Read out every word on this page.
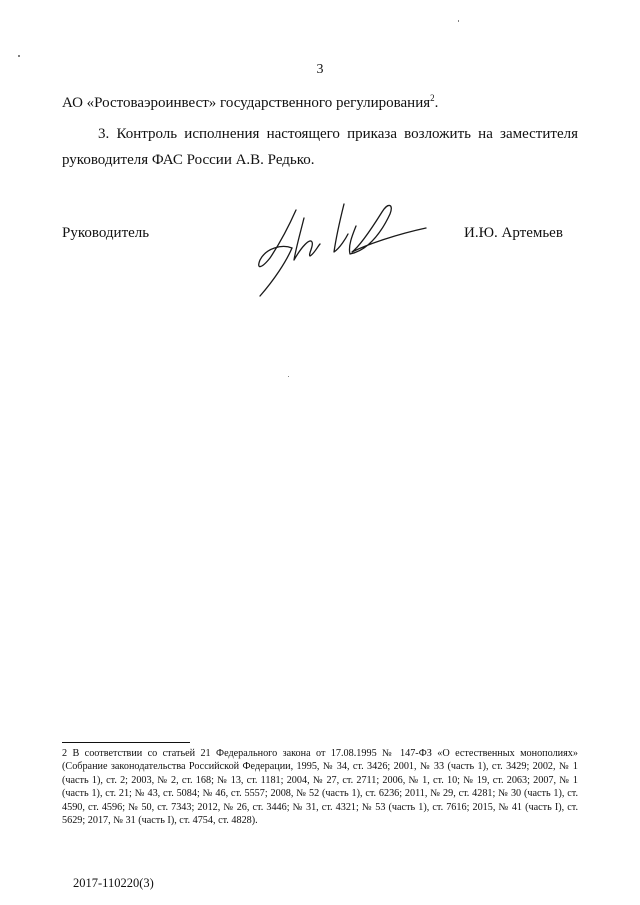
3
АО «Ростоваэроинвест» государственного регулирования$^2$.
3. Контроль исполнения настоящего приказа возложить на заместителя
руководителя ФАС России А.В. Редько.
Руководитель	И.Ю. Артемьев
2 В соответствии со статьей 21 Федерального закона от 17.08.1995 № 147-ФЗ «О естественных монополиях» (Собрание законодательства Российской Федерации, 1995, № 34, ст. 3426; 2001, № 33 (часть 1), ст. 3429; 2002, № 1 (часть 1), ст. 2; 2003, № 2, ст. 168; № 13, ст. 1181; 2004, № 27, ст. 2711; 2006, № 1, ст. 10; № 19, ст. 2063; 2007, № 1 (часть 1), ст. 21; № 43, ст. 5084; № 46, ст. 5557; 2008, № 52 (часть 1), ст. 6236; 2011, № 29, ст. 4281; № 30 (часть 1), ст. 4590, ст. 4596; № 50, ст. 7343; 2012, № 26, ст. 3446; № 31, ст. 4321; № 53 (часть 1), ст. 7616; 2015, № 41 (часть I), ст. 5629; 2017, № 31 (часть I), ст. 4754, ст. 4828).
2017-110220(3)
